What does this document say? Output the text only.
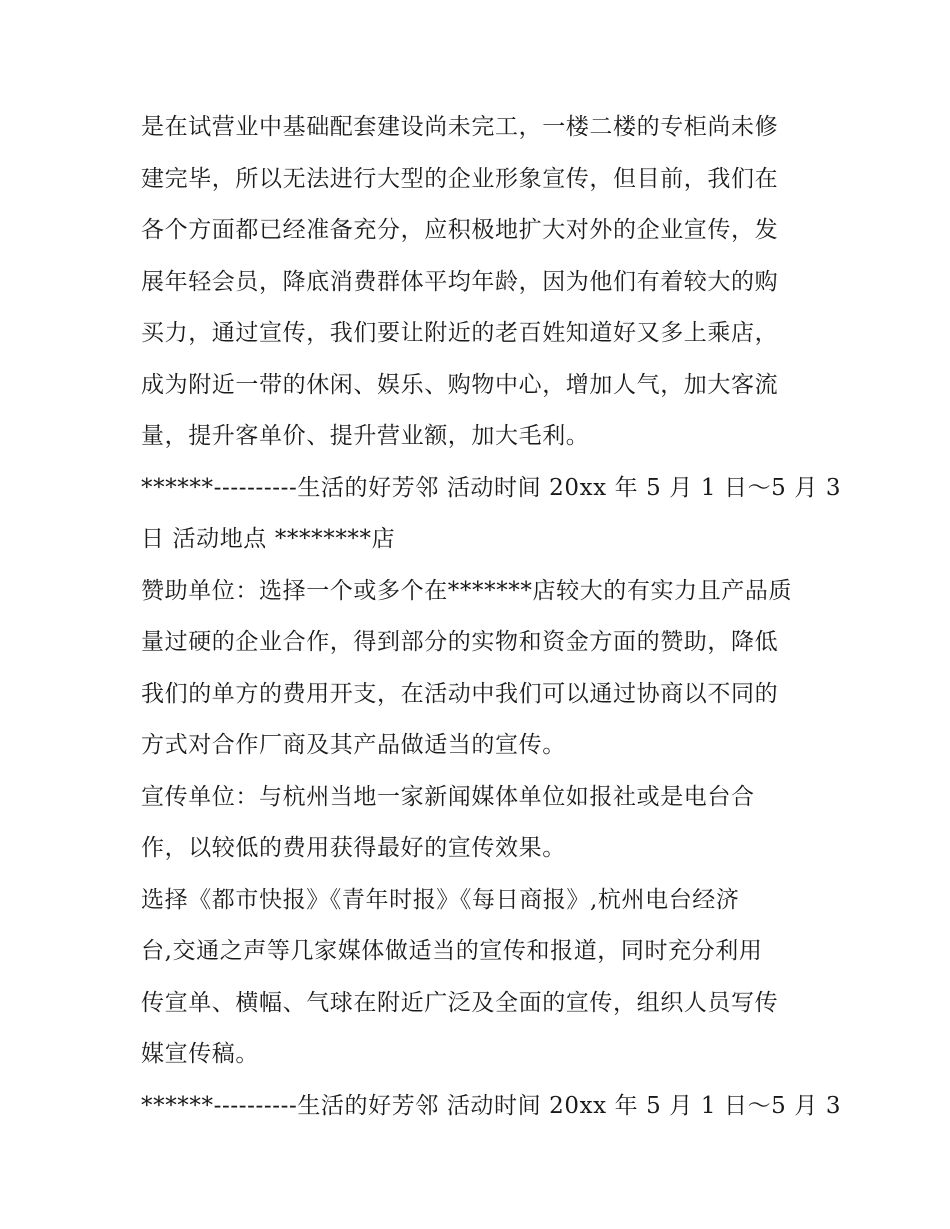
是在试营业中基础配套建设尚未完工，一楼二楼的专柜尚未修
建完毕，所以无法进行大型的企业形象宣传，但目前，我们在
各个方面都已经准备充分，应积极地扩大对外的企业宣传，发
展年轻会员，降底消费群体平均年龄，因为他们有着较大的购
买力，通过宣传，我们要让附近的老百姓知道好又多上乘店，
成为附近一带的休闲、娱乐、购物中心，增加人气，加大客流
量，提升客单价、提升营业额，加大毛利。
******----------生活的好芳邻 活动时间 20xx 年 5 月 1 日～5 月 3
日 活动地点 ********店
赞助单位：选择一个或多个在*******店较大的有实力且产品质
量过硬的企业合作，得到部分的实物和资金方面的赞助，降低
我们的单方的费用开支，在活动中我们可以通过协商以不同的
方式对合作厂商及其产品做适当的宣传。
宣传单位：与杭州当地一家新闻媒体单位如报社或是电台合
作，以较低的费用获得最好的宣传效果。
选择《都市快报》《青年时报》《每日商报》,杭州电台经济
台,交通之声等几家媒体做适当的宣传和报道，同时充分利用
传宣单、横幅、气球在附近广泛及全面的宣传，组织人员写传
媒宣传稿。
******----------生活的好芳邻 活动时间 20xx 年 5 月 1 日～5 月 3
